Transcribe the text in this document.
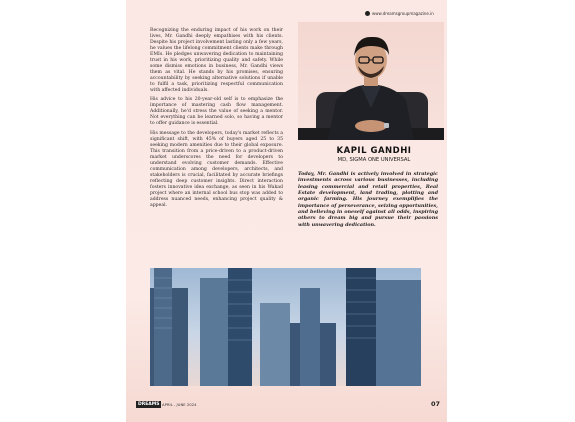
www.dreamsgroupmagazine.in

Recognizing the enduring impact of his work on their lives, Mr. Gandhi deeply empathises with his clients. Despite his project involvement lasting only a few years, he values the lifelong commitment clients make through EMIs. He pledges unwavering dedication to maintaining trust in his work, prioritizing quality and safety. While some dismiss emotions in business, Mr. Gandhi views them as vital. He stands by his promises, ensuring accountability by seeking alternative solutions if unable to fulfil a task, prioritizing respectful communication with affected individuals.

His advice to his 20-year-old self is to emphasize the importance of mastering cash flow management. Additionally, he'd stress the value of seeking a mentor. Not everything can be learned solo, so having a mentor to offer guidance is essential.

His message to the developers, today's market reflects a significant shift, with 45% of buyers aged 25 to 35 seeking modern amenities due to their global exposure. This transition from a price-driven to a product-driven market underscores the need for developers to understand evolving customer demands. Effective communication among developers, architects, and stakeholders is crucial, facilitated by accurate briefings reflecting deep customer insights. Direct interaction fosters innovative idea exchange, as seen in his Wakad project where an internal school bus stop was added to address nuanced needs, enhancing project quality & appeal.

KAPIL GANDHI
MD, SIGMA ONE UNIVERSAL
Today, Mr. Gandhi is actively involved in strategic investments across various businesses, including leasing commercial and retail properties, Real Estate development, land trading, plotting and organic farming. His journey exemplifies the importance of perseverance, seizing opportunities, and believing in oneself against all odds, inspiring others to dream big and pursue their passions with unwavering dedication.
DREAMS APRIL - JUNE 2024	07
